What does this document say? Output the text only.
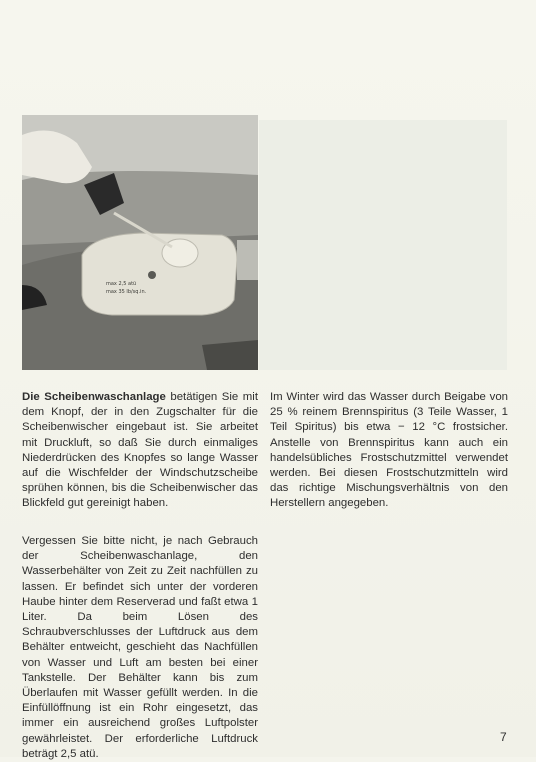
max 2,5 atü
max 35 lb/sq.in.

Die Scheibenwaschanlage betätigen Sie mit dem Knopf, der in den Zugschalter für die Scheibenwischer eingebaut ist. Sie arbeitet mit Druckluft, so daß Sie durch einmaliges Niederdrücken des Knopfes so lange Wasser auf die Wischfelder der Windschutzscheibe sprühen können, bis die Scheibenwischer das Blickfeld gut gereinigt haben.

Vergessen Sie bitte nicht, je nach Gebrauch der Scheibenwaschanlage, den Wasserbehälter von Zeit zu Zeit nachfüllen zu lassen. Er befindet sich unter der vorderen Haube hinter dem Reserverad und faßt etwa 1 Liter. Da beim Lösen des Schraubverschlusses der Luftdruck aus dem Behälter entweicht, geschieht das Nachfüllen von Wasser und Luft am besten bei einer Tankstelle. Der Behälter kann bis zum Überlaufen mit Wasser gefüllt werden. In die Einfüllöffnung ist ein Rohr eingesetzt, das immer ein ausreichend großes Luftpolster gewährleistet. Der erforderliche Luftdruck beträgt 2,5 atü.

Im Winter wird das Wasser durch Beigabe von 25 % reinem Brennspiritus (3 Teile Wasser, 1 Teil Spiritus) bis etwa − 12 °C frostsicher. Anstelle von Brennspiritus kann auch ein handelsübliches Frostschutzmittel verwendet werden. Bei diesen Frostschutzmitteln wird das richtige Mischungsverhältnis von den Herstellern angegeben.

7
